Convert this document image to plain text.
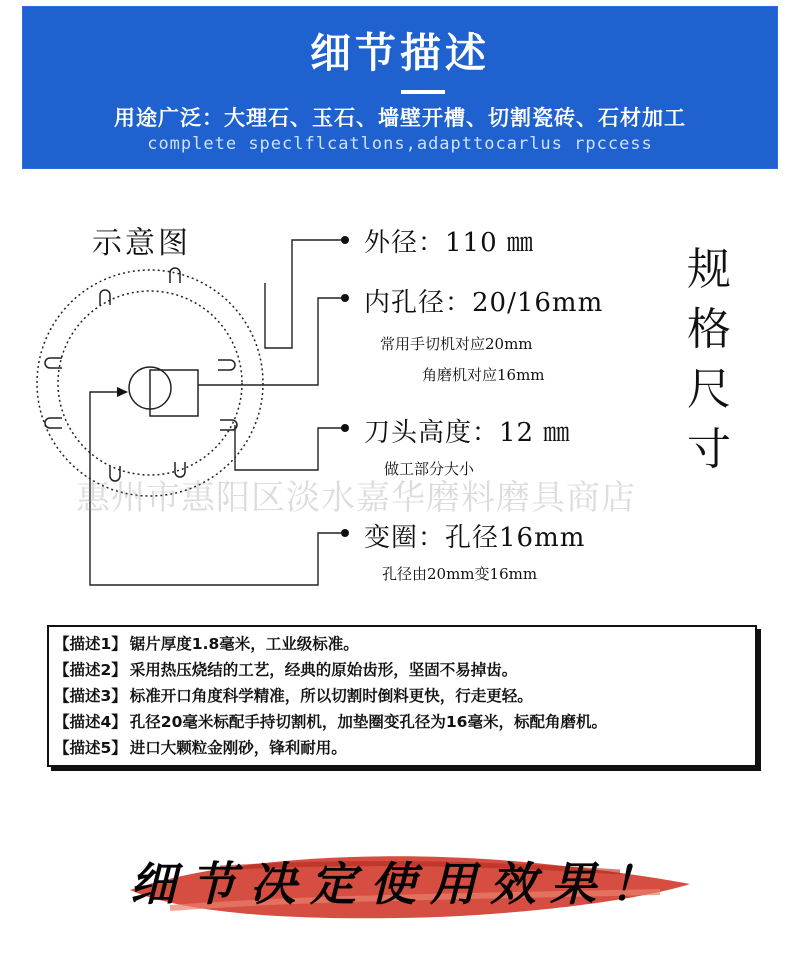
细节描述
用途广泛：大理石、玉石、墙壁开槽、切割瓷砖、石材加工
complete speclflcatlons,adapttocarlus rpccess
示意图	外径：110 ㎜
内孔径：20/16mm
常用手切机对应20mm
角磨机对应16mm
刀头高度：12 ㎜
做工部分大小
变圈：孔径16mm
孔径由20mm变16mm
规
格
尺
寸
惠州市惠阳区淡水嘉华磨料磨具商店
【描述1】 锯片厚度1.8毫米，工业级标准。
【描述2】 采用热压烧结的工艺，经典的原始齿形，坚固不易掉齿。
【描述3】 标准开口角度科学精准，所以切割时倒料更快，行走更轻。
【描述4】 孔径20毫米标配手持切割机，加垫圈变孔径为16毫米，标配角磨机。
【描述5】 进口大颗粒金刚砂，锋利耐用。
细节决定使用效果！
